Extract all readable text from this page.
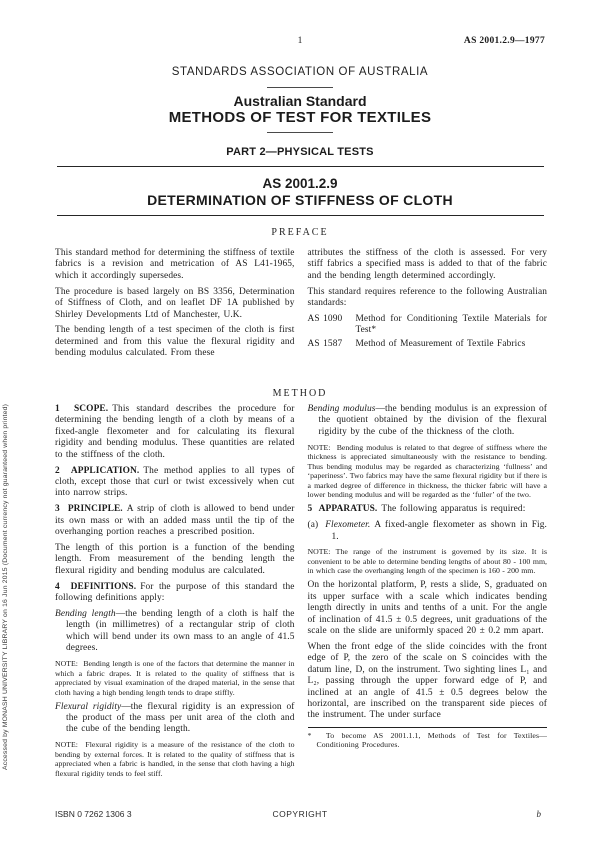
Accessed by MONASH UNIVERSITY LIBRARY on 16 Jun 2015 (Document currency not guaranteed when printed)
1	AS 2001.2.9—1977
STANDARDS ASSOCIATION OF AUSTRALIA
Australian Standard
METHODS OF TEST FOR TEXTILES
PART 2—PHYSICAL TESTS
AS 2001.2.9
DETERMINATION OF STIFFNESS OF CLOTH
PREFACE

This standard method for determining the stiffness of textile fabrics is a revision and metrication of AS L41-1965, which it accordingly supersedes.

The procedure is based largely on BS 3356, Determination of Stiffness of Cloth, and on leaflet DF 1A published by Shirley Developments Ltd of Manchester, U.K.

The bending length of a test specimen of the cloth is first determined and from this value the flexural rigidity and bending modulus calculated. From these

attributes the stiffness of the cloth is assessed. For very stiff fabrics a specified mass is added to that of the fabric and the bending length determined accordingly.

This standard requires reference to the following Australian standards:

AS 1090	Method for Conditioning Textile Materials for Test*
AS 1587	Method of Measurement of Textile Fabrics
METHOD

1  SCOPE. This standard describes the procedure for determining the bending length of a cloth by means of a fixed-angle flexometer and for calculating its flexural rigidity and bending modulus. These quantities are related to the stiffness of the cloth.

2  APPLICATION. The method applies to all types of cloth, except those that curl or twist excessively when cut into narrow strips.

3  PRINCIPLE. A strip of cloth is allowed to bend under its own mass or with an added mass until the tip of the overhanging portion reaches a prescribed position.

The length of this portion is a function of the bending length. From measurement of the bending length the flexural rigidity and bending modulus are calculated.

4  DEFINITIONS. For the purpose of this standard the following definitions apply:

Bending length—the bending length of a cloth is half the length (in millimetres) of a rectangular strip of cloth which will bend under its own mass to an angle of 41.5 degrees.

NOTE:  Bending length is one of the factors that determine the manner in which a fabric drapes. It is related to the quality of stiffness that is appreciated by visual examination of the draped material, in the sense that cloth having a high bending length tends to drape stiffly.

Flexural rigidity—the flexural rigidity is an expression of the product of the mass per unit area of the cloth and the cube of the bending length.

NOTE:  Flexural rigidity is a measure of the resistance of the cloth to bending by external forces. It is related to the quality of stiffness that is appreciated when a fabric is handled, in the sense that cloth having a high flexural rigidity tends to feel stiff.

Bending modulus—the bending modulus is an expression of the quotient obtained by the division of the flexural rigidity by the cube of the thickness of the cloth.

NOTE:  Bending modulus is related to that degree of stiffness where the thickness is appreciated simultaneously with the resistance to bending. Thus bending modulus may be regarded as characterizing ‘fullness’ and ‘paperiness’. Two fabrics may have the same flexural rigidity but if there is a marked degree of difference in thickness, the thicker fabric will have a lower bending modulus and will be regarded as the ‘fuller’ of the two.

5  APPARATUS. The following apparatus is required:

(a) Flexometer. A fixed-angle flexometer as shown in Fig. 1.

NOTE: The range of the instrument is governed by its size. It is convenient to be able to determine bending lengths of about 80 - 100 mm, in which case the overhanging length of the specimen is 160 - 200 mm.

On the horizontal platform, P, rests a slide, S, graduated on its upper surface with a scale which indicates bending length directly in units and tenths of a unit. For the angle of inclination of 41.5 ± 0.5 degrees, unit graduations of the scale on the slide are uniformly spaced 20 ± 0.2 mm apart.

When the front edge of the slide coincides with the front edge of P, the zero of the scale on S coincides with the datum line, D, on the instrument. Two sighting lines L₁ and L₂, passing through the upper forward edge of P, and inclined at an angle of 41.5 ± 0.5 degrees below the horizontal, are inscribed on the transparent side pieces of the instrument. The under surface

* To become AS 2001.1.1, Methods of Test for Textiles—Conditioning Procedures.

ISBN 0 7262 1306 3	COPYRIGHT	b
